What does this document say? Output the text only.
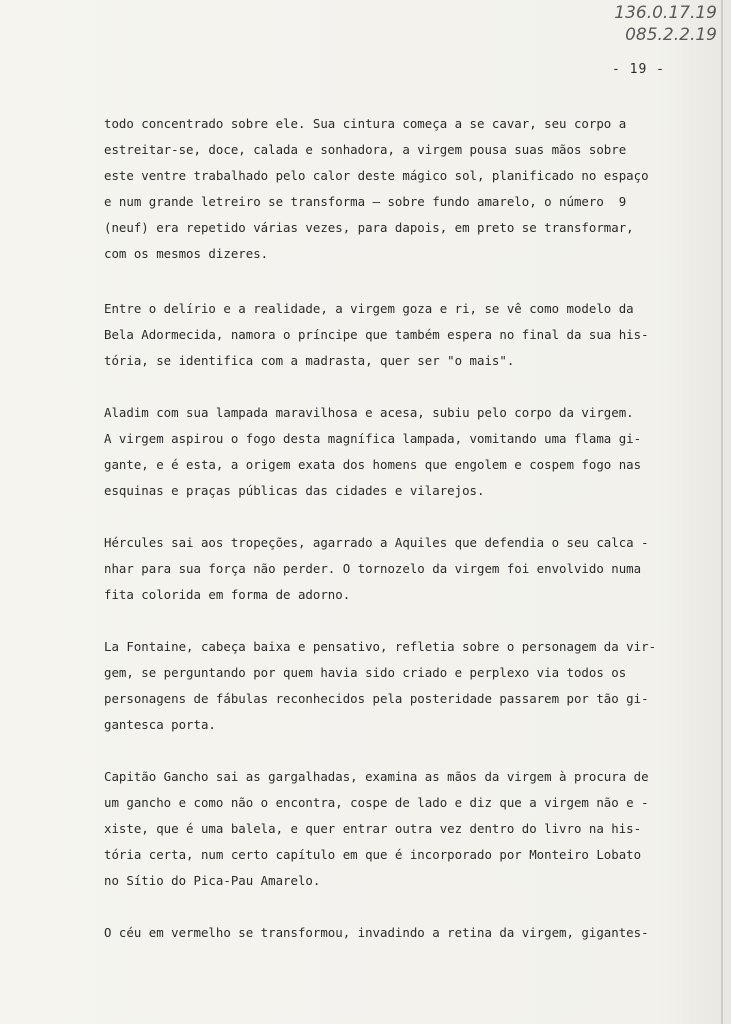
136.0.17.19
085.2.2.19
- 19 -
todo concentrado sobre ele. Sua cintura começa a se cavar, seu corpo a
estreitar-se, doce, calada e sonhadora, a virgem pousa suas mãos sobre
este ventre trabalhado pelo calor deste mágico sol, planificado no espaço
e num grande letreiro se transforma – sobre fundo amarelo, o número  9
(neuf) era repetido várias vezes, para dapois, em preto se transformar,
com os mesmos dizeres.
Entre o delírio e a realidade, a virgem goza e ri, se vê como modelo da
Bela Adormecida, namora o príncipe que também espera no final da sua his-
tória, se identifica com a madrasta, quer ser "o mais".
Aladim com sua lampada maravilhosa e acesa, subiu pelo corpo da virgem.
A virgem aspirou o fogo desta magnífica lampada, vomitando uma flama gi-
gante, e é esta, a origem exata dos homens que engolem e cospem fogo nas
esquinas e praças públicas das cidades e vilarejos.
Hércules sai aos tropeções, agarrado a Aquiles que defendia o seu calca -
nhar para sua força não perder. O tornozelo da virgem foi envolvido numa
fita colorida em forma de adorno.
La Fontaine, cabeça baixa e pensativo, refletia sobre o personagem da vir-
gem, se perguntando por quem havia sido criado e perplexo via todos os
personagens de fábulas reconhecidos pela posteridade passarem por tão gi-
gantesca porta.
Capitão Gancho sai as gargalhadas, examina as mãos da virgem à procura de
um gancho e como não o encontra, cospe de lado e diz que a virgem não e -
xiste, que é uma balela, e quer entrar outra vez dentro do livro na his-
tória certa, num certo capítulo em que é incorporado por Monteiro Lobato
no Sítio do Pica-Pau Amarelo.
O céu em vermelho se transformou, invadindo a retina da virgem, gigantes-
